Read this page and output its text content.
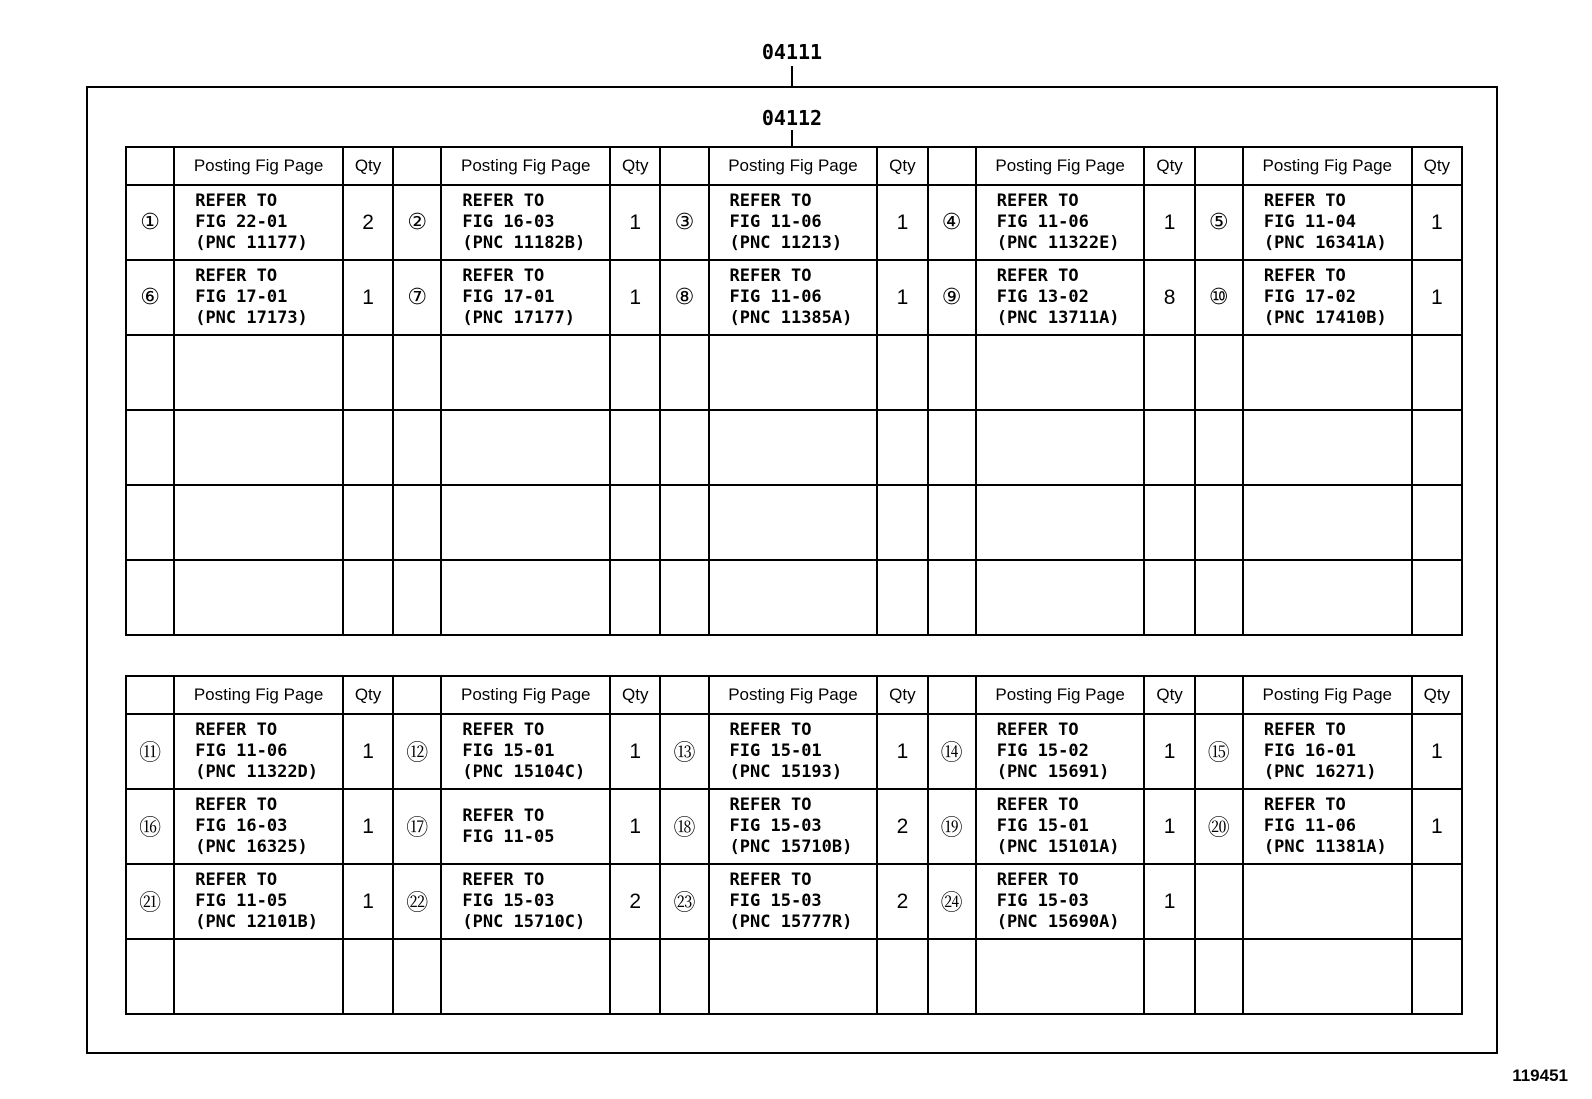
04111
04112
	Posting Fig Page	Qty		Posting Fig Page	Qty		Posting Fig Page	Qty		Posting Fig Page	Qty		Posting Fig Page	Qty
①	REFER TO
FIG 22-01
(PNC 11177)	2	②	REFER TO
FIG 16-03
(PNC 11182B)	1	③	REFER TO
FIG 11-06
(PNC 11213)	1	④	REFER TO
FIG 11-06
(PNC 11322E)	1	⑤	REFER TO
FIG 11-04
(PNC 16341A)	1
⑥	REFER TO
FIG 17-01
(PNC 17173)	1	⑦	REFER TO
FIG 17-01
(PNC 17177)	1	⑧	REFER TO
FIG 11-06
(PNC 11385A)	1	⑨	REFER TO
FIG 13-02
(PNC 13711A)	8	⑩	REFER TO
FIG 17-02
(PNC 17410B)	1

	Posting Fig Page	Qty		Posting Fig Page	Qty		Posting Fig Page	Qty		Posting Fig Page	Qty		Posting Fig Page	Qty
⑪	REFER TO
FIG 11-06
(PNC 11322D)	1	⑫	REFER TO
FIG 15-01
(PNC 15104C)	1	⑬	REFER TO
FIG 15-01
(PNC 15193)	1	⑭	REFER TO
FIG 15-02
(PNC 15691)	1	⑮	REFER TO
FIG 16-01
(PNC 16271)	1
⑯	REFER TO
FIG 16-03
(PNC 16325)	1	⑰	REFER TO
FIG 11-05	1	⑱	REFER TO
FIG 15-03
(PNC 15710B)	2	⑲	REFER TO
FIG 15-01
(PNC 15101A)	1	⑳	REFER TO
FIG 11-06
(PNC 11381A)	1
㉑	REFER TO
FIG 11-05
(PNC 12101B)	1	㉒	REFER TO
FIG 15-03
(PNC 15710C)	2	㉓	REFER TO
FIG 15-03
(PNC 15777R)	2	㉔	REFER TO
FIG 15-03
(PNC 15690A)	1			

119451
